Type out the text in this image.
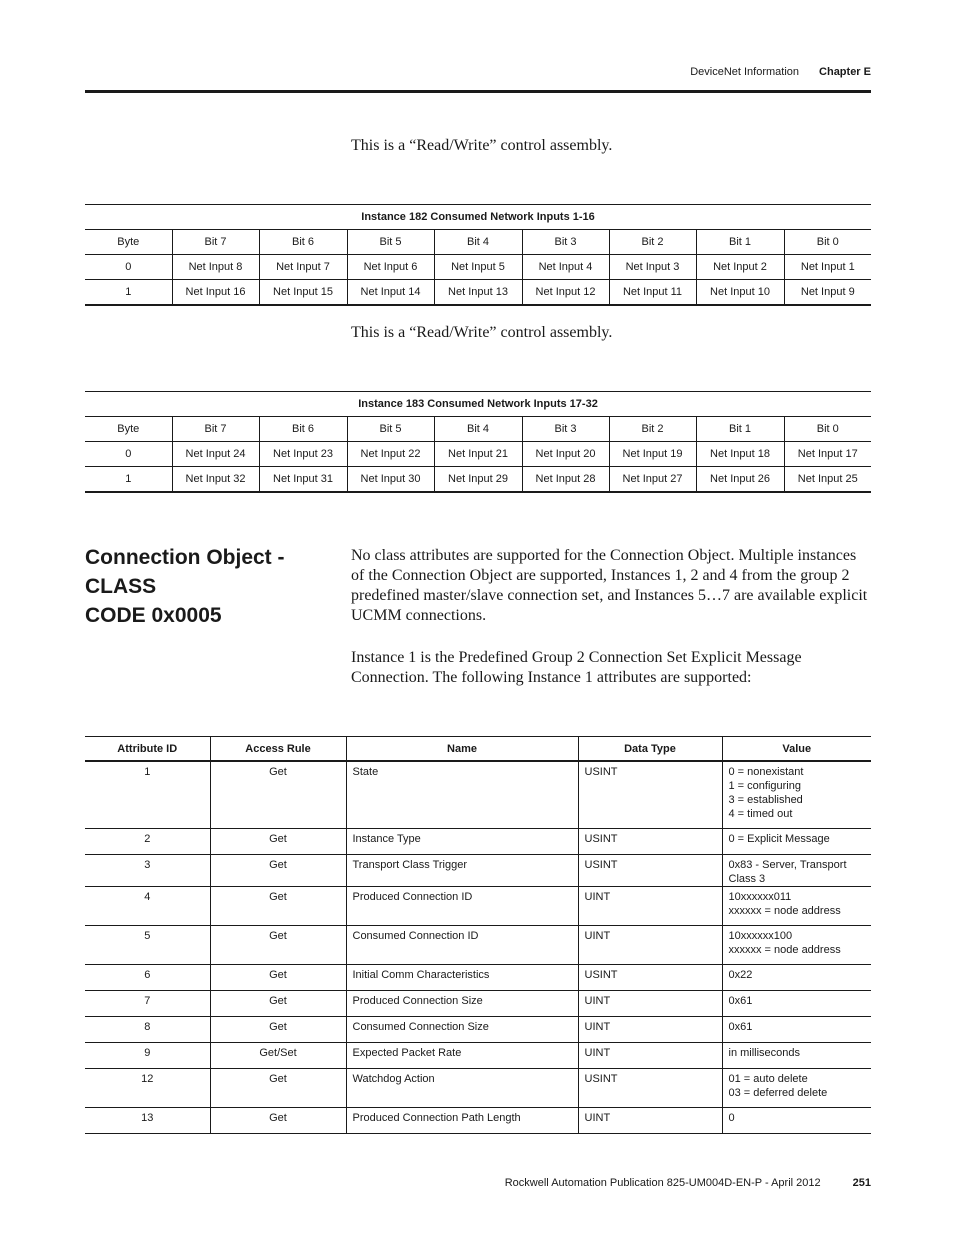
DeviceNet Information Chapter E
This is a “Read/Write” control assembly.
Instance 182 Consumed Network Inputs 1-16								
Byte	Bit 7	Bit 6	Bit 5	Bit 4	Bit 3	Bit 2	Bit 1	Bit 0
0	Net Input 8	Net Input 7	Net Input 6	Net Input 5	Net Input 4	Net Input 3	Net Input 2	Net Input 1
1	Net Input 16	Net Input 15	Net Input 14	Net Input 13	Net Input 12	Net Input 11	Net Input 10	Net Input 9
This is a “Read/Write” control assembly.
Instance 183 Consumed Network Inputs 17-32								
Byte	Bit 7	Bit 6	Bit 5	Bit 4	Bit 3	Bit 2	Bit 1	Bit 0
0	Net Input 24	Net Input 23	Net Input 22	Net Input 21	Net Input 20	Net Input 19	Net Input 18	Net Input 17
1	Net Input 32	Net Input 31	Net Input 30	Net Input 29	Net Input 28	Net Input 27	Net Input 26	Net Input 25
Connection Object - CLASS
CODE 0x0005
No class attributes are supported for the Connection Object. Multiple instances of the Connection Object are supported, Instances 1, 2 and 4 from the group 2 predefined master/slave connection set, and Instances 5…7 are available explicit UCMM connections.
Instance 1 is the Predefined Group 2 Connection Set Explicit Message Connection. The following Instance 1 attributes are supported:
Attribute ID	Access Rule	Name	Data Type	Value
1	Get	State	USINT	0 = nonexistant
1 = configuring
3 = established
4 = timed out

2	Get	Instance Type	USINT	0 = Explicit Message
3	Get	Transport Class Trigger	USINT	0x83 - Server, Transport Class 3
4	Get	Produced Connection ID	UINT	10xxxxxx011
xxxxxx = node address

5	Get	Consumed Connection ID	UINT	10xxxxxx100
xxxxxx = node address

6	Get	Initial Comm Characteristics	USINT	0x22
7	Get	Produced Connection Size	UINT	0x61
8	Get	Consumed Connection Size	UINT	0x61
9	Get/Set	Expected Packet Rate	UINT	in milliseconds
12	Get	Watchdog Action	USINT	01 = auto delete
03 = deferred delete

13	Get	Produced Connection Path Length	UINT	0
Rockwell Automation Publication 825-UM004D-EN-P - April 2012	251
